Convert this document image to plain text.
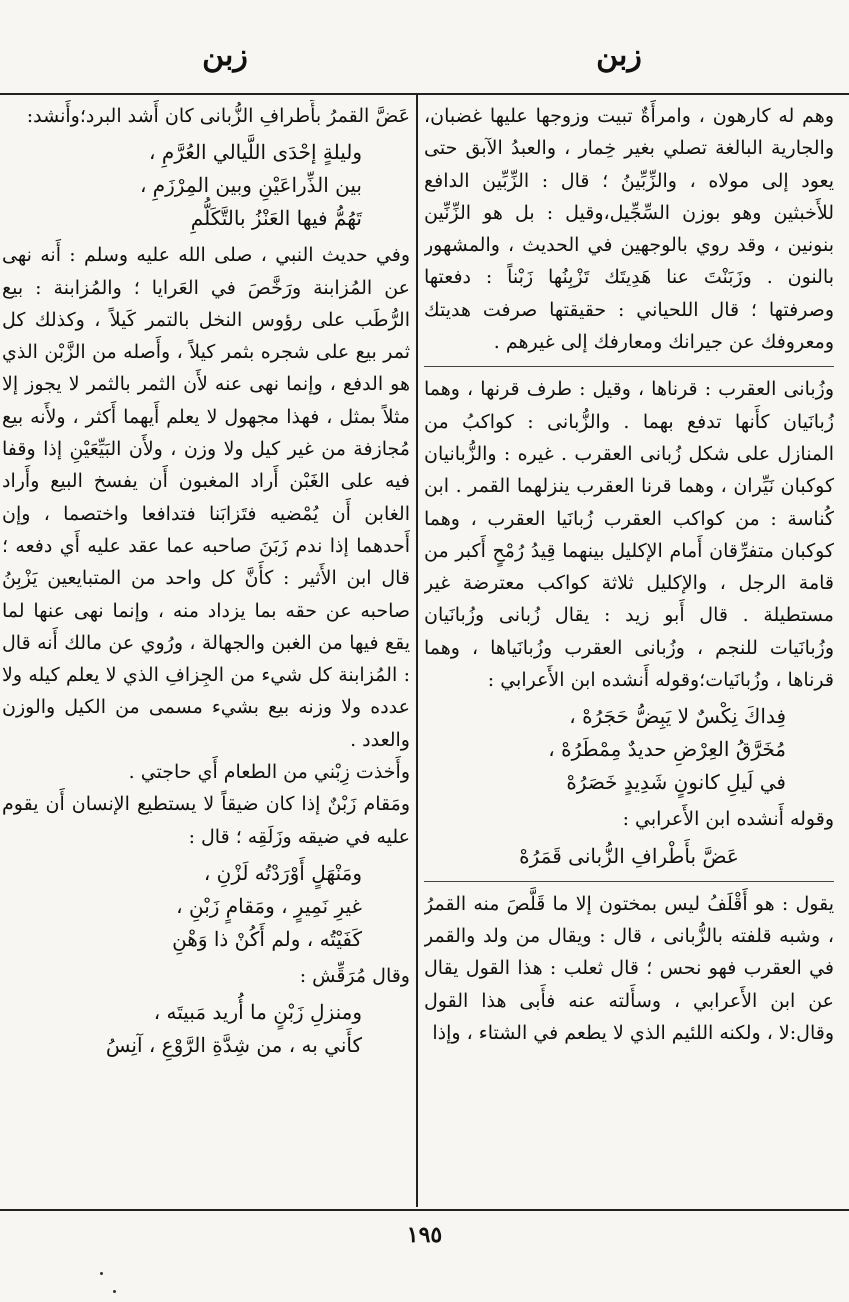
زبن
زبن

وهم له كارهون ، وامرأَةٌ تبيت وزوجها عليها غضبان، والجارية البالغة تصلي بغير خِمار ، والعبدُ الآبق حتى يعود إلى مولاه ، والزِّبِّينُ ؛ قال : الزِّبِّين الدافع للأَخبثين وهو بوزن السِّجِّيل،وقيل : بل هو الزِّنِّين بنونين ، وقد روي بالوجهين في الحديث ، والمشهور بالنون . وزَبَنْتَ عنا هَدِيتَك تَزْبِنُها زَبْناً : دفعتها وصرفتها ؛ قال اللحياني : حقيقتها صرفت هديتك ومعروفك عن جيرانك ومعارفك إلى غيرهم .

وزُبانى العقرب : قرناها ، وقيل : طرف قرنها ، وهما زُبانَيان كأَنها تدفع بهما . والزُّبانى : كواكبُ من المنازل على شكل زُبانى العقرب . غيره : والزُّبانيان كوكبان نَيِّران ، وهما قرنا العقرب ينزلهما القمر . ابن كُناسة : من كواكب العقرب زُبانَيا العقرب ، وهما كوكبان متفرِّقان أَمام الإكليل بينهما قِيدُ رُمْحٍ أَكبر من قامة الرجل ، والإكليل ثلاثة كواكب معترضة غير مستطيلة . قال أَبو زيد : يقال زُبانى وزُبانَيان وزُبانَيات للنجم ، وزُبانى العقرب وزُبانَياها ، وهما قرناها ، وزُبانَيات؛وقوله أَنشده ابن الأَعرابي :

فِداكَ نِكْسٌ لا يَبِضُّ حَجَرُهْ ،
مُخَرَّقُ العِرْضِ حديدٌ مِمْطَرُهْ ،
في لَيلِ كانونٍ شَدِيدٍ خَصَرُهْ

وقوله أَنشده ابن الأَعرابي :

عَضَّ بأَطْرافِ الزُّبانى قَمَرُهْ

يقول : هو أَقْلَفُ ليس بمختون إلا ما قَلَّصَ منه القمرُ ، وشبه قلفته بالزُّبانى ، قال : ويقال من ولد والقمر في العقرب فهو نحس ؛ قال ثعلب : هذا القول يقال عن ابن الأَعرابي ، وسأَلته عنه فأَبى هذا القول وقال:لا ، ولكنه اللئيم الذي لا يطعم في الشتاء ، وإذا

عَضَّ القمرُ بأَطرافِ الزُّبانى كان أَشد البرد؛وأَنشد:

وليلةٍ إحْدَى اللَّيالي العُرَّمِ ،
بين الذِّراعَيْنِ وبين المِرْزَمِ ،
تَهُمُّ فيها العَنْزُ بالتَّكَلُّمِ

وفي حديث النبي ، صلى الله عليه وسلم : أَنه نهى عن المُزابنة ورَخَّصَ في العَرايا ؛ والمُزابنة : بيع الرُّطَب على رؤوس النخل بالتمر كَيلاً ، وكذلك كل ثمر بيع على شجره بثمر كيلاً ، وأَصله من الزَّبْن الذي هو الدفع ، وإنما نهى عنه لأَن الثمر بالثمر لا يجوز إلا مثلاً بمثل ، فهذا مجهول لا يعلم أَيهما أَكثر ، ولأَنه بيع مُجازفة من غير كيل ولا وزن ، ولأَن البَيِّعَيْنِ إذا وقفا فيه على الغَبْن أَراد المغبون أَن يفسخ البيع وأَراد الغابن أَن يُمْضيه فتَزابَنا فتدافعا واختصما ، وإن أَحدهما إذا ندم زَبَنَ صاحبه عما عقد عليه أَي دفعه ؛ قال ابن الأَثير : كأَنَّ كل واحد من المتبايعين يَزْبِنُ صاحبه عن حقه بما يزداد منه ، وإنما نهى عنها لما يقع فيها من الغبن والجهالة ، ورُوي عن مالك أَنه قال : المُزابنة كل شيء من الجِزافِ الذي لا يعلم كيله ولا عدده ولا وزنه بيع بشيء مسمى من الكيل والوزن والعدد .

وأَخذت زِبْني من الطعام أَي حاجتي .

ومَقام زَبْنٌ إذا كان ضيقاً لا يستطيع الإنسان أَن يقوم عليه في ضيقه وزَلَقِه ؛ قال :

ومَنْهَلٍ أَوْرَدْتُه لَزْنِ ،
غيرِ نَمِيرٍ ، ومَقامٍ زَبْنِ ،
كَفَيْتُه ، ولم أَكُنْ ذا وَهْنِ

وقال مُرَقِّش :

ومنزلِ زَبْنٍ ما أُريد مَبيتَه ،
كأَني به ، من شِدَّةِ الرَّوْعِ ، آنِسُ
١٩٥
